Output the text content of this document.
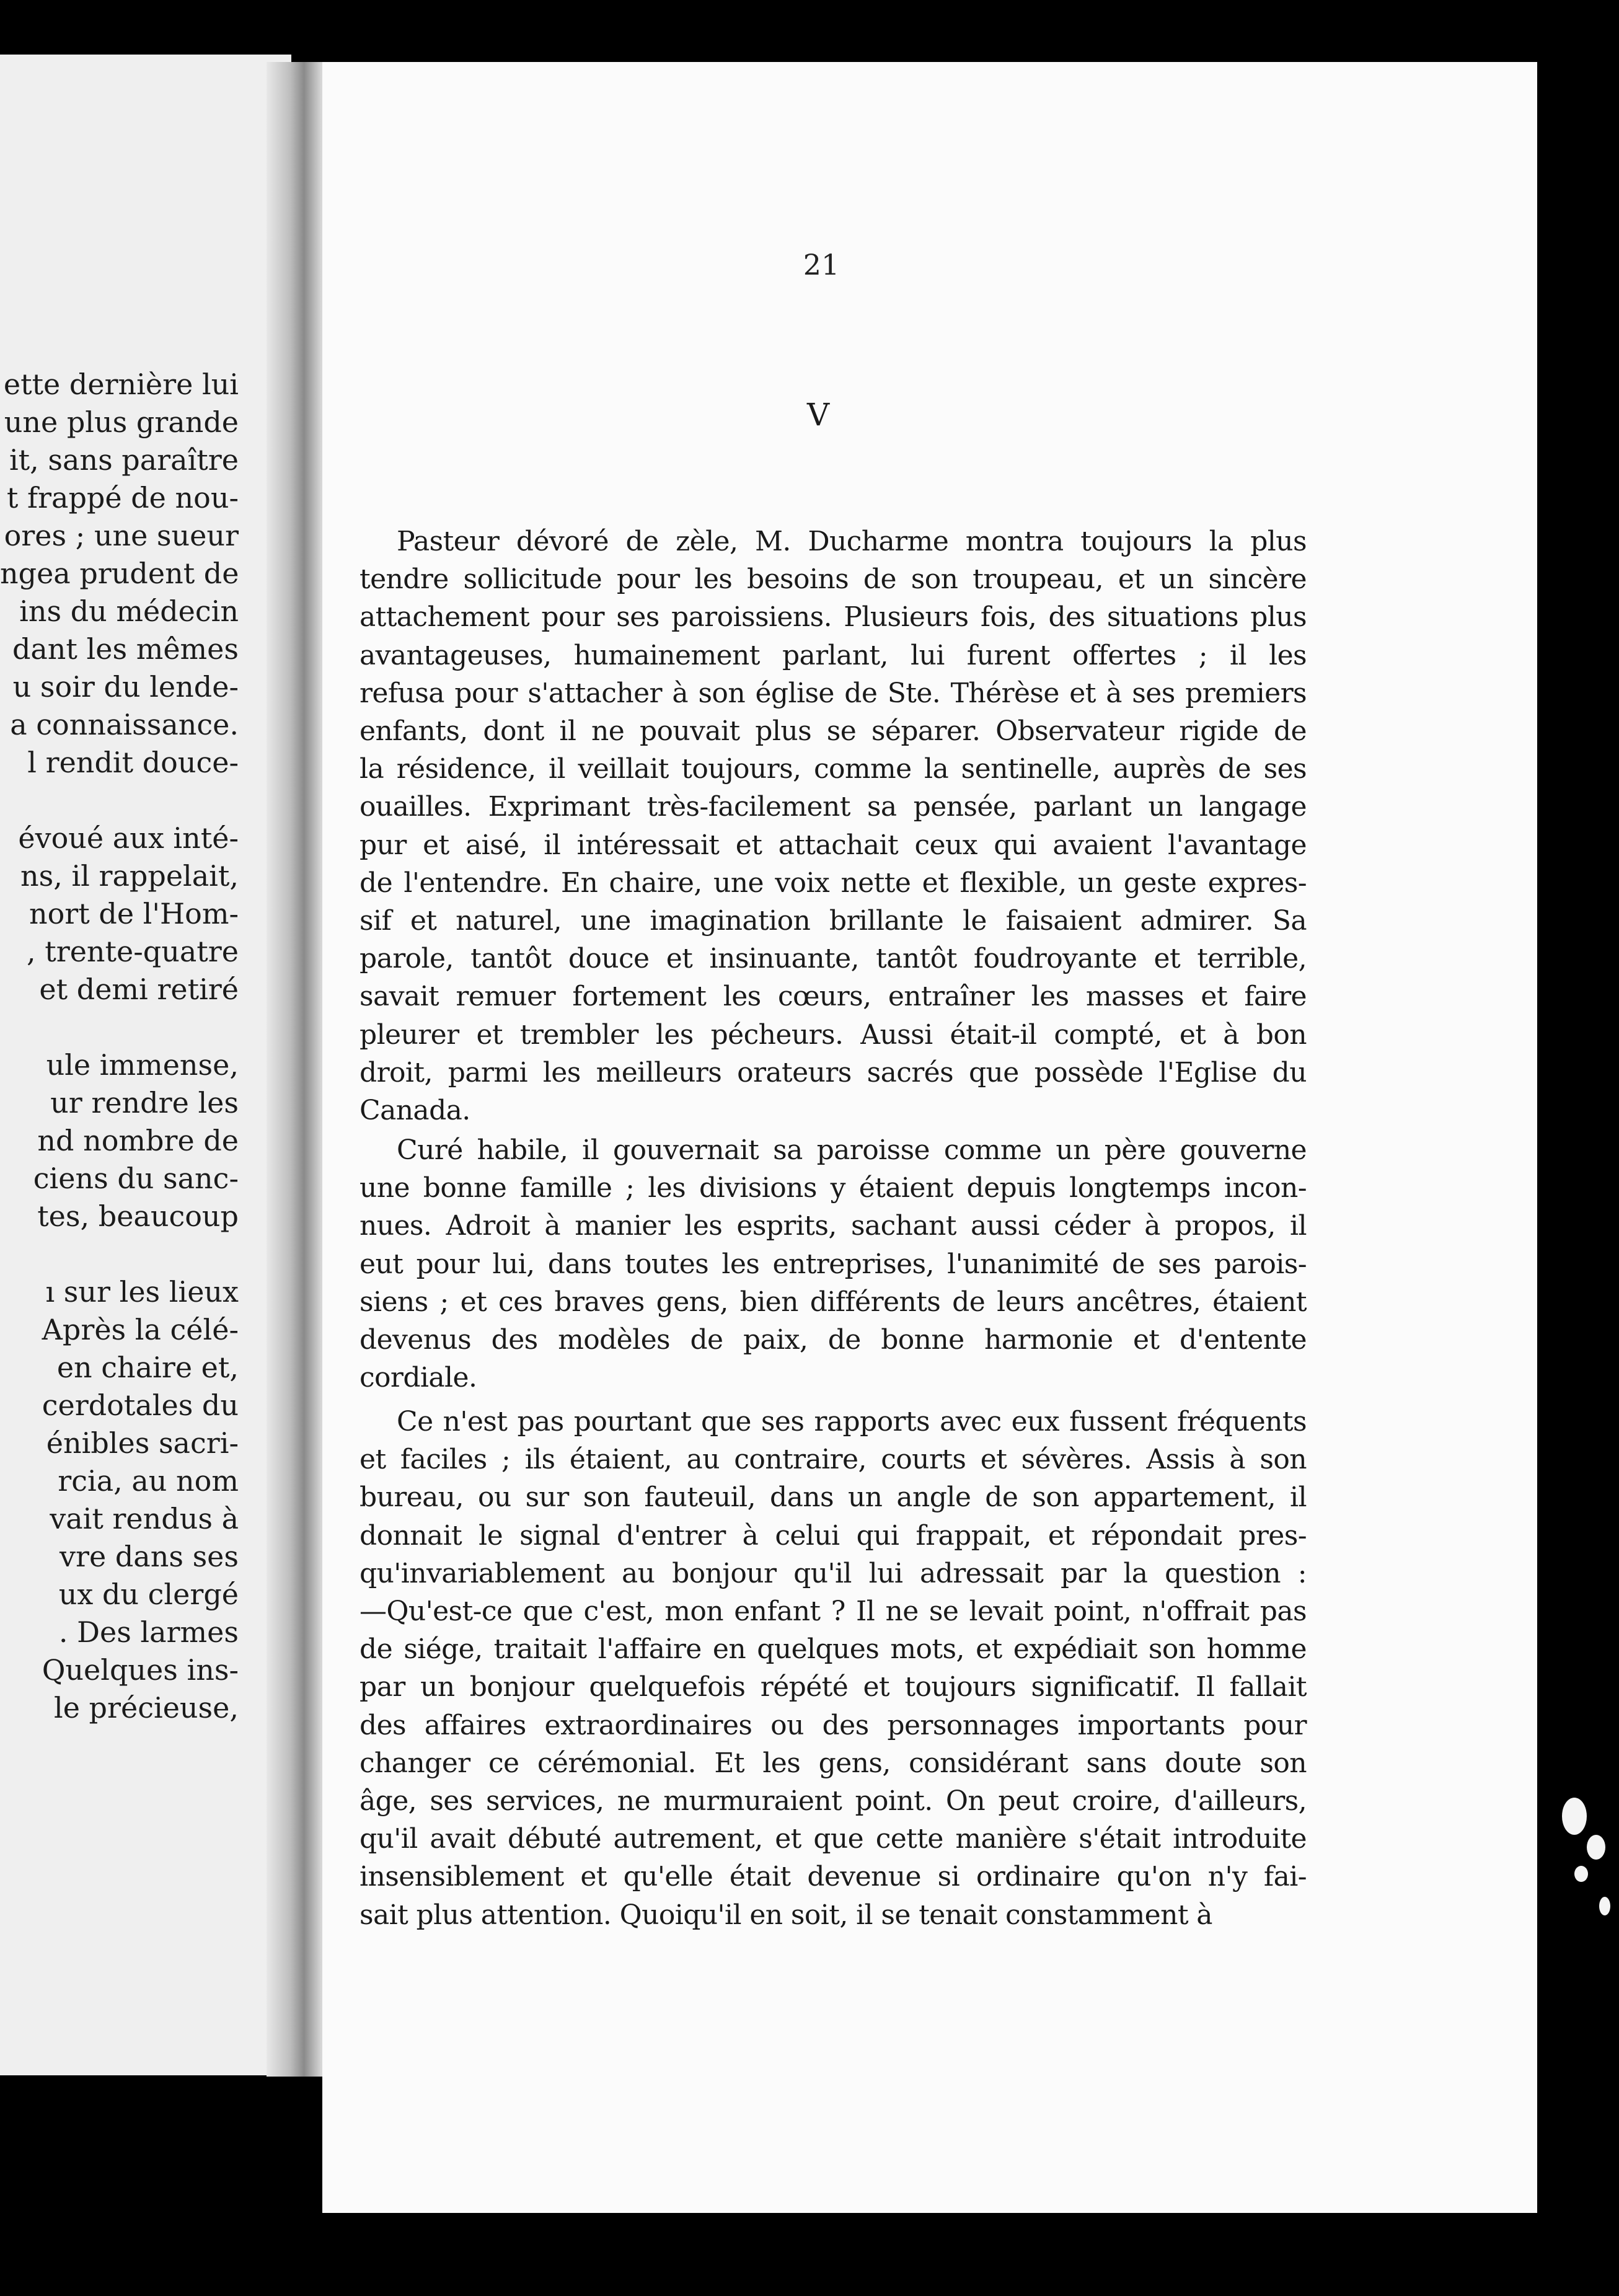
ette dernière lui
une plus grande
it, sans paraître
t frappé de nou-
ores ; une sueur
ngea prudent de
ins du médecin
dant les mêmes
u soir du lende-
a connaissance.
l rendit douce-
évoué aux inté-
ns, il rappelait,
nort de l'Hom-
, trente-quatre
et demi retiré
ule immense,
ur rendre les
nd nombre de
ciens du sanc-
tes, beaucoup
ı sur les lieux
Après la célé-
en chaire et,
cerdotales du
énibles sacri-
rcia, au nom
vait rendus à
vre dans ses
ux du clergé
. Des larmes
Quelques ins-
le précieuse,
21
V
Pasteur dévoré de zèle, M. Ducharme montra toujours la plus
tendre sollicitude pour les besoins de son troupeau, et un sincère
attachement pour ses paroissiens. Plusieurs fois, des situations plus
avantageuses, humainement parlant, lui furent offertes ; il les
refusa pour s'attacher à son église de Ste. Thérèse et à ses premiers
enfants, dont il ne pouvait plus se séparer. Observateur rigide de
la résidence, il veillait toujours, comme la sentinelle, auprès de ses
ouailles. Exprimant très-facilement sa pensée, parlant un langage
pur et aisé, il intéressait et attachait ceux qui avaient l'avantage
de l'entendre. En chaire, une voix nette et flexible, un geste expres-
sif et naturel, une imagination brillante le faisaient admirer. Sa
parole, tantôt douce et insinuante, tantôt foudroyante et terrible,
savait remuer fortement les cœurs, entraîner les masses et faire
pleurer et trembler les pécheurs. Aussi était-il compté, et à bon
droit, parmi les meilleurs orateurs sacrés que possède l'Eglise du
Canada.
Curé habile, il gouvernait sa paroisse comme un père gouverne
une bonne famille ; les divisions y étaient depuis longtemps incon-
nues. Adroit à manier les esprits, sachant aussi céder à propos, il
eut pour lui, dans toutes les entreprises, l'unanimité de ses parois-
siens ; et ces braves gens, bien différents de leurs ancêtres, étaient
devenus des modèles de paix, de bonne harmonie et d'entente
cordiale.
Ce n'est pas pourtant que ses rapports avec eux fussent fréquents
et faciles ; ils étaient, au contraire, courts et sévères. Assis à son
bureau, ou sur son fauteuil, dans un angle de son appartement, il
donnait le signal d'entrer à celui qui frappait, et répondait pres-
qu'invariablement au bonjour qu'il lui adressait par la question :
—Qu'est-ce que c'est, mon enfant ? Il ne se levait point, n'offrait pas
de siége, traitait l'affaire en quelques mots, et expédiait son homme
par un bonjour quelquefois répété et toujours significatif. Il fallait
des affaires extraordinaires ou des personnages importants pour
changer ce cérémonial. Et les gens, considérant sans doute son
âge, ses services, ne murmuraient point. On peut croire, d'ailleurs,
qu'il avait débuté autrement, et que cette manière s'était introduite
insensiblement et qu'elle était devenue si ordinaire qu'on n'y fai-
sait plus attention. Quoiqu'il en soit, il se tenait constamment à
